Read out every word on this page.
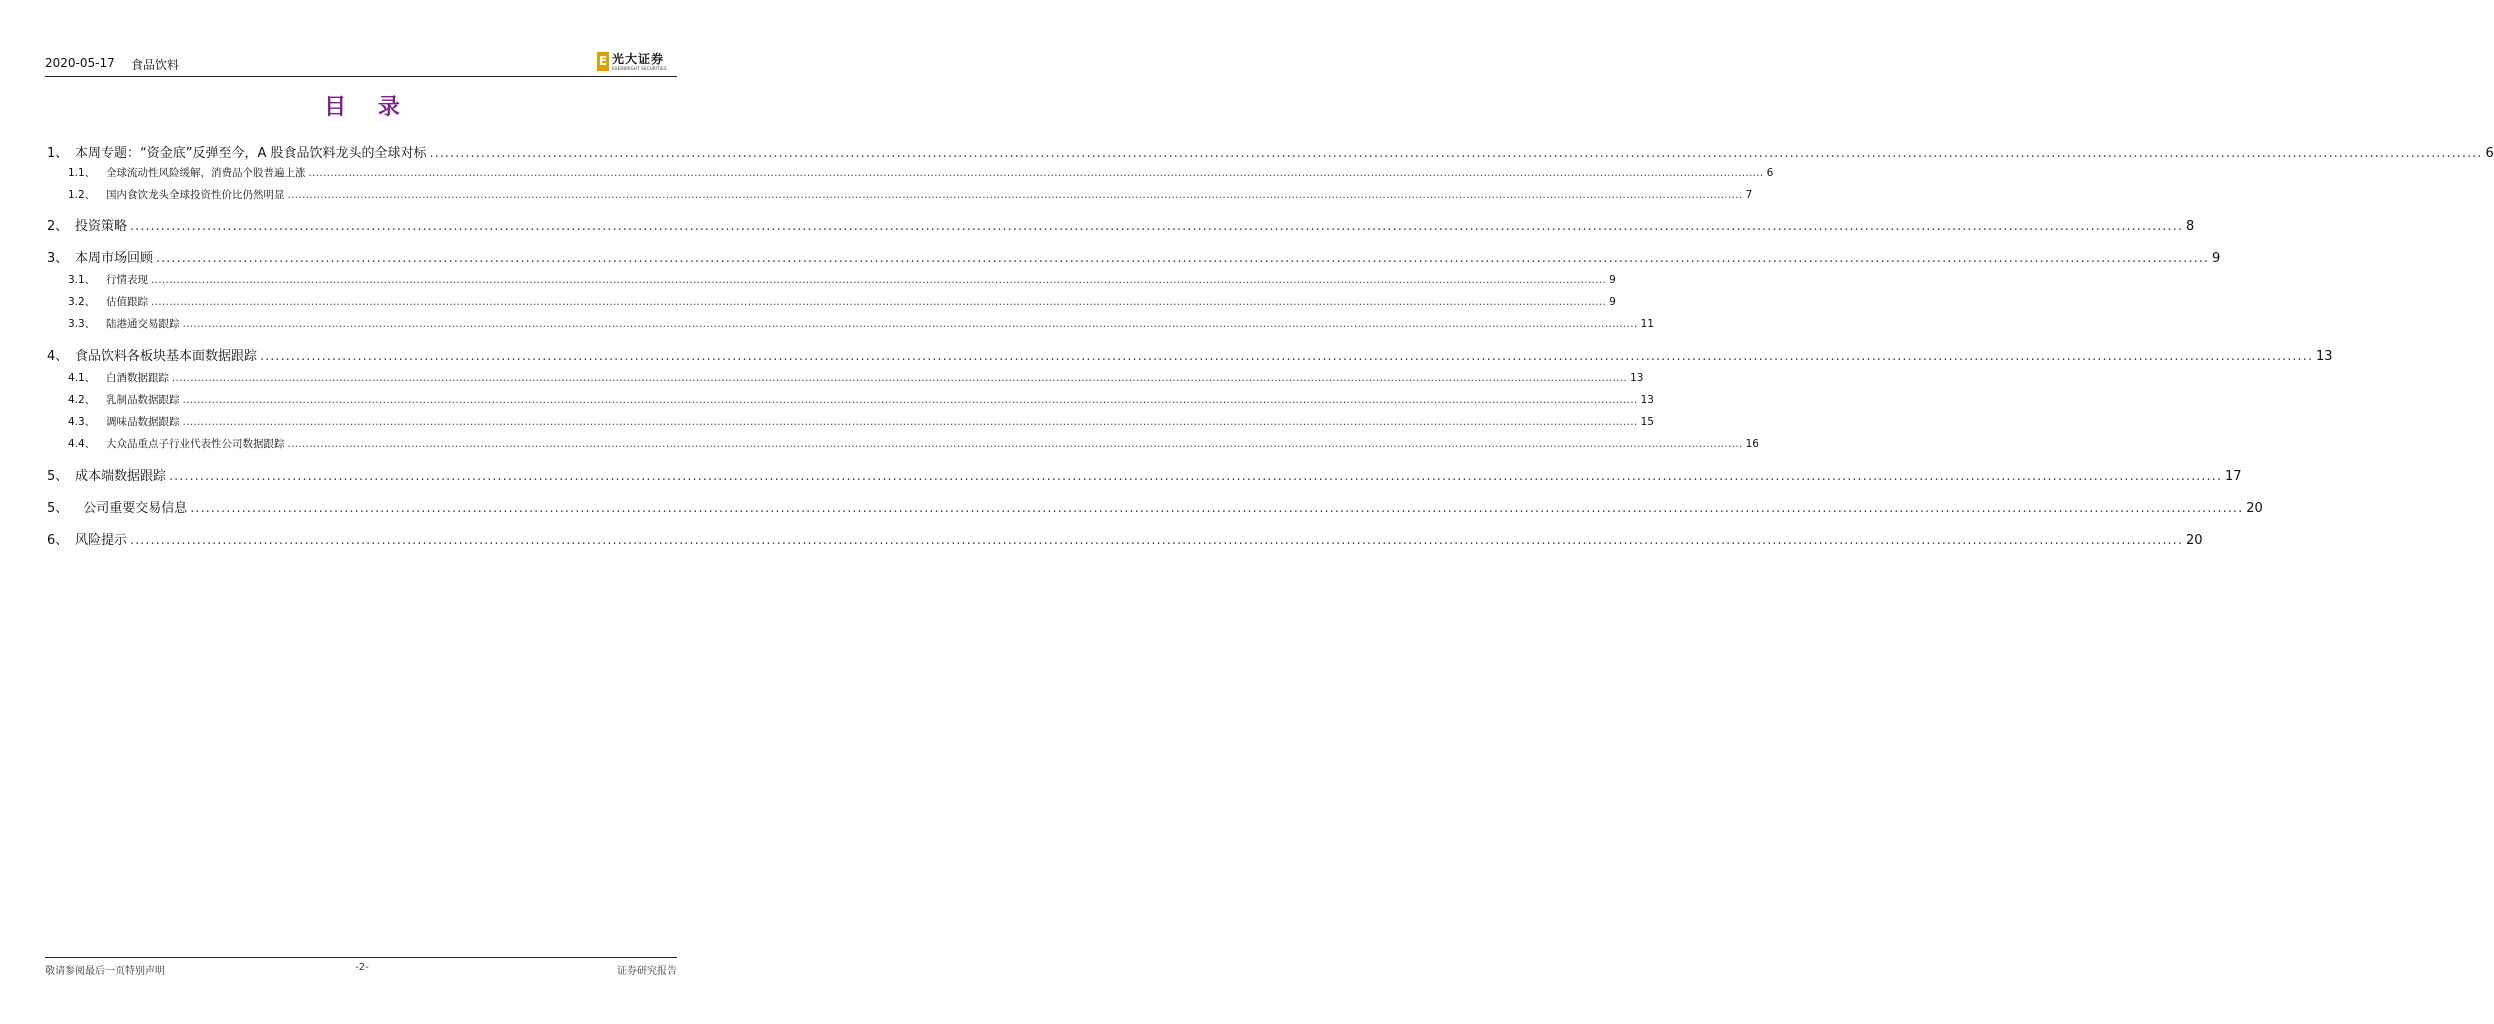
2020-05-17 食品饮料	E 光大证券
EVERBRIGHT SECURITIES
目 录
1、 本周专题：“资金底”反弹至今，A 股食品饮料龙头的全球对标 ................................................................................................................................................................................................................................................................................................................................................................................................................ 6
1.1、	全球流动性风险缓解，消费品个股普遍上涨 ................................................................................................................................................................................................................................................................................................................................................................................................................ 6
1.2、	国内食饮龙头全球投资性价比仍然明显 ................................................................................................................................................................................................................................................................................................................................................................................................................ 7
2、 投资策略 ................................................................................................................................................................................................................................................................................................................................................................................................................ 8
3、 本周市场回顾 ................................................................................................................................................................................................................................................................................................................................................................................................................ 9
3.1、	行情表现 ................................................................................................................................................................................................................................................................................................................................................................................................................ 9
3.2、	估值跟踪 ................................................................................................................................................................................................................................................................................................................................................................................................................ 9
3.3、	陆港通交易跟踪 ................................................................................................................................................................................................................................................................................................................................................................................................................ 11
4、 食品饮料各板块基本面数据跟踪 ................................................................................................................................................................................................................................................................................................................................................................................................................ 13
4.1、	白酒数据跟踪 ................................................................................................................................................................................................................................................................................................................................................................................................................ 13
4.2、	乳制品数据跟踪 ................................................................................................................................................................................................................................................................................................................................................................................................................ 13
4.3、	调味品数据跟踪 ................................................................................................................................................................................................................................................................................................................................................................................................................ 15
4.4、	大众品重点子行业代表性公司数据跟踪 ................................................................................................................................................................................................................................................................................................................................................................................................................ 16
5、 成本端数据跟踪 ................................................................................................................................................................................................................................................................................................................................................................................................................ 17
5、 公司重要交易信息 ................................................................................................................................................................................................................................................................................................................................................................................................................ 20
6、 风险提示 ................................................................................................................................................................................................................................................................................................................................................................................................................ 20
敬请参阅最后一页特别声明	-2-	证券研究报告
